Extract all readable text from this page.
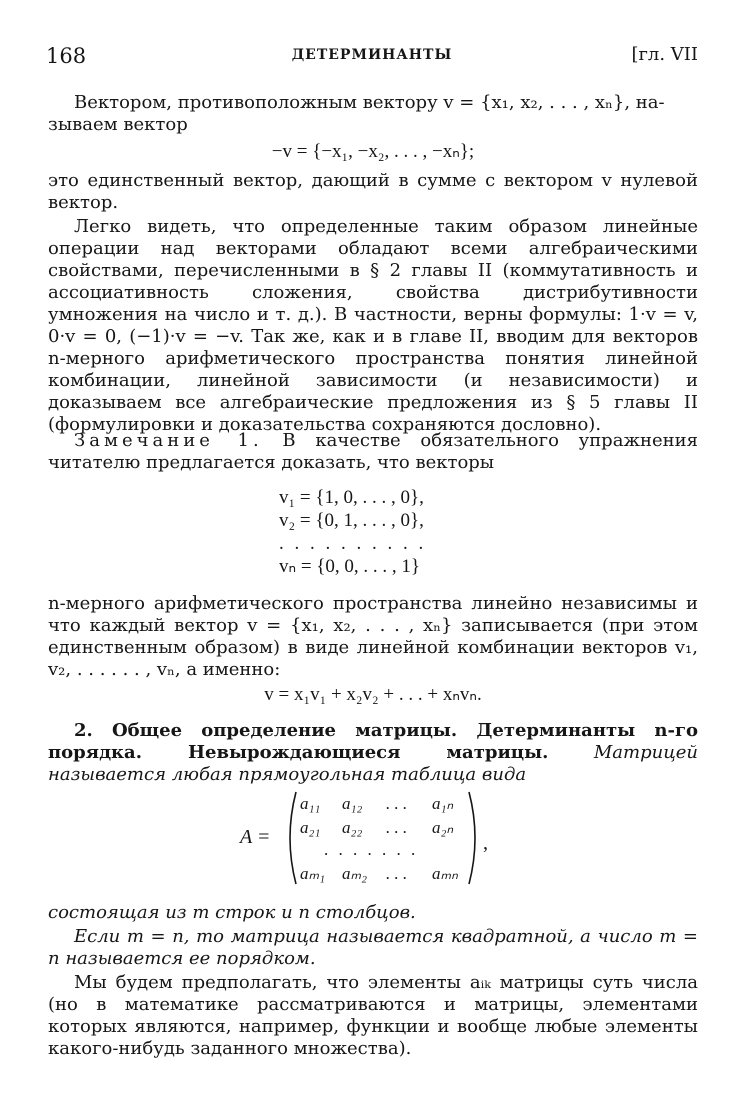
168	ДЕТЕРМИНАНТЫ	[гл. VII

Вектором, противоположным вектору v = {x₁, x₂, . . . , xₙ}, на-

зываем вектор

−v = {−x₁, −x₂, . . . , −xₙ};

это единственный вектор, дающий в сумме с вектором v нулевой вектор.

Легко видеть, что определенные таким образом линейные операции над векторами обладают всеми алгебраическими свойствами, перечисленными в § 2 главы II (коммутативность и ассоциативность сложения, свойства дистрибутивности умножения на число и т. д.). В частности, верны формулы: 1·v = v, 0·v = 0, (−1)·v = −v. Так же, как и в главе II, вводим для векторов n-мерного арифметического пространства понятия линейной комбинации, линейной зависимости (и независимости) и доказываем все алгебраические предложения из § 5 главы II (формулировки и доказательства сохраняются дословно).

Замечание 1. В качестве обязательного упражнения читателю предлагается доказать, что векторы

v₁ = {1, 0, . . . , 0},
v₂ = {0, 1, . . . , 0},
. . . . . . . . . .
vₙ = {0, 0, . . . , 1}

n-мерного арифметического пространства линейно независимы и что каждый вектор v = {x₁, x₂, . . . , xₙ} записывается (при этом единственным образом) в виде линейной комбинации векторов v₁, v₂, . . . . . . , vₙ, а именно:

v = x₁v₁ + x₂v₂ + . . . + xₙvₙ.

2. Общее определение матрицы. Детерминанты n-го порядка. Невырождающиеся матрицы. Матрицей называется любая прямоугольная таблица вида

A =
a₁₁ a₁₂ . . . a₁ₙ
a₂₁ a₂₂ . . . a₂ₙ
. . . . . . .
aₘ₁ aₘ₂ . . . aₘₙ
,

состоящая из m строк и n столбцов.

Если m = n, то матрица называется квадратной, а число m = n называется ее порядком.

Мы будем предполагать, что элементы aᵢₖ матрицы суть числа (но в математике рассматриваются и матрицы, элементами которых являются, например, функции и вообще любые элементы какого-нибудь заданного множества).
